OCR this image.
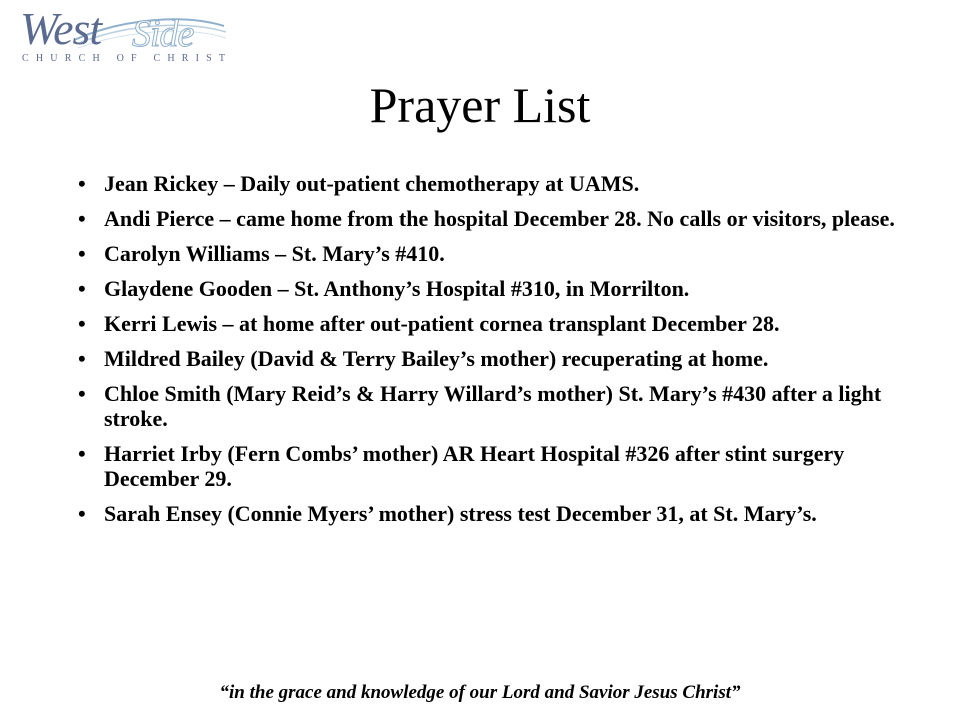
West Side
CHURCH OF CHRIST
Prayer List
• Jean Rickey – Daily out-patient chemotherapy at UAMS.
• Andi Pierce – came home from the hospital December 28. No calls or visitors, please.
• Carolyn Williams – St. Mary’s #410.
• Glaydene Gooden – St. Anthony’s Hospital #310, in Morrilton.
• Kerri Lewis – at home after out-patient cornea transplant December 28.
• Mildred Bailey (David & Terry Bailey’s mother) recuperating at home.
• Chloe Smith (Mary Reid’s & Harry Willard’s mother) St. Mary’s #430 after a light stroke.
• Harriet Irby (Fern Combs’ mother) AR Heart Hospital #326 after stint surgery December 29.
• Sarah Ensey (Connie Myers’ mother) stress test December 31, at St. Mary’s.
“in the grace and knowledge of our Lord and Savior Jesus Christ”
